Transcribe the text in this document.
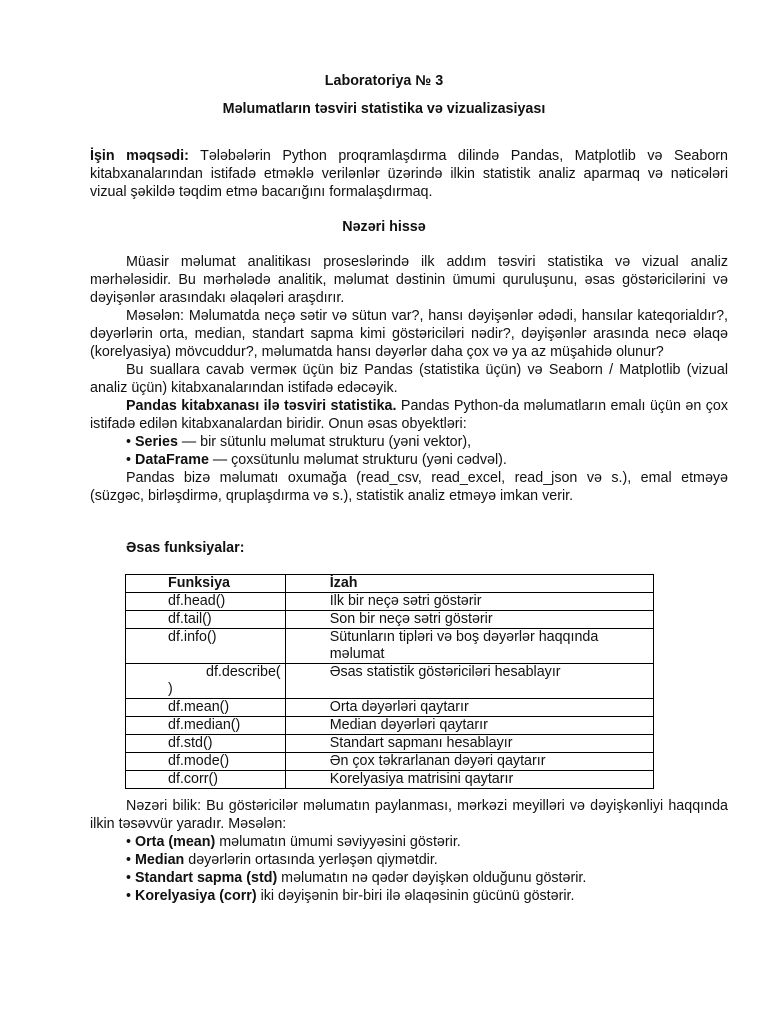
Laboratoriya № 3
Məlumatların təsviri statistika və vizualizasiyası

İşin məqsədi: Tələbələrin Python proqramlaşdırma dilində Pandas, Matplotlib və Seaborn kitabxanalarından istifadə etməklə verilənlər üzərində ilkin statistik analiz aparmaq və nəticələri vizual şəkildə təqdim etmə bacarığını formalaşdırmaq.

Nəzəri hissə

Müasir məlumat analitikası proseslərində ilk addım təsviri statistika və vizual analiz mərhələsidir. Bu mərhələdə analitik, məlumat dəstinin ümumi quruluşunu, əsas göstəricilərini və dəyişənlər arasındakı əlaqələri araşdırır.

Məsələn: Məlumatda neçə sətir və sütun var?, hansı dəyişənlər ədədi, hansılar kateqorialdır?, dəyərlərin orta, median, standart sapma kimi göstəriciləri nədir?, dəyişənlər arasında necə əlaqə (korelyasiya) mövcuddur?, məlumatda hansı dəyərlər daha çox və ya az müşahidə olunur?

Bu suallara cavab verməк üçün biz Pandas (statistika üçün) və Seaborn / Matplotlib (vizual analiz üçün) kitabxanalarından istifadə edəcəyik.

Pandas kitabxanası ilə təsviri statistika. Pandas Python-da məlumatların emalı üçün ən çox istifadə edilən kitabxanalardan biridir. Onun əsas obyektləri:

• Series — bir sütunlu məlumat strukturu (yəni vektor),

• DataFrame — çoxsütunlu məlumat strukturu (yəni cədvəl).

Pandas bizə məlumatı oxumağa (read_csv, read_excel, read_json və s.), emal etməyə (süzgəc, birləşdirmə, qruplaşdırma və s.), statistik analiz etməyə imkan verir.

Əsas funksiyalar:
Funksiya	İzah
df.head()	İlk bir neçə sətri göstərir
df.tail()	Son bir neçə sətri göstərir
df.info()	Sütunların tipləri və boş dəyərlər haqqında məlumat
df.describe(
)	Əsas statistik göstəriciləri hesablayır
df.mean()	Orta dəyərləri qaytarır
df.median()	Median dəyərləri qaytarır
df.std()	Standart sapmanı hesablayır
df.mode()	Ən çox təkrarlanan dəyəri qaytarır
df.corr()	Korelyasiya matrisini qaytarır

Nəzəri bilik: Bu göstəricilər məlumatın paylanması, mərkəzi meyilləri və dəyişkənliyi haqqında ilkin təsəvvür yaradır. Məsələn:

• Orta (mean) məlumatın ümumi səviyyəsini göstərir.

• Median dəyərlərin ortasında yerləşən qiymətdir.

• Standart sapma (std) məlumatın nə qədər dəyişkən olduğunu göstərir.

• Korelyasiya (corr) iki dəyişənin bir-biri ilə əlaqəsinin gücünü göstərir.
